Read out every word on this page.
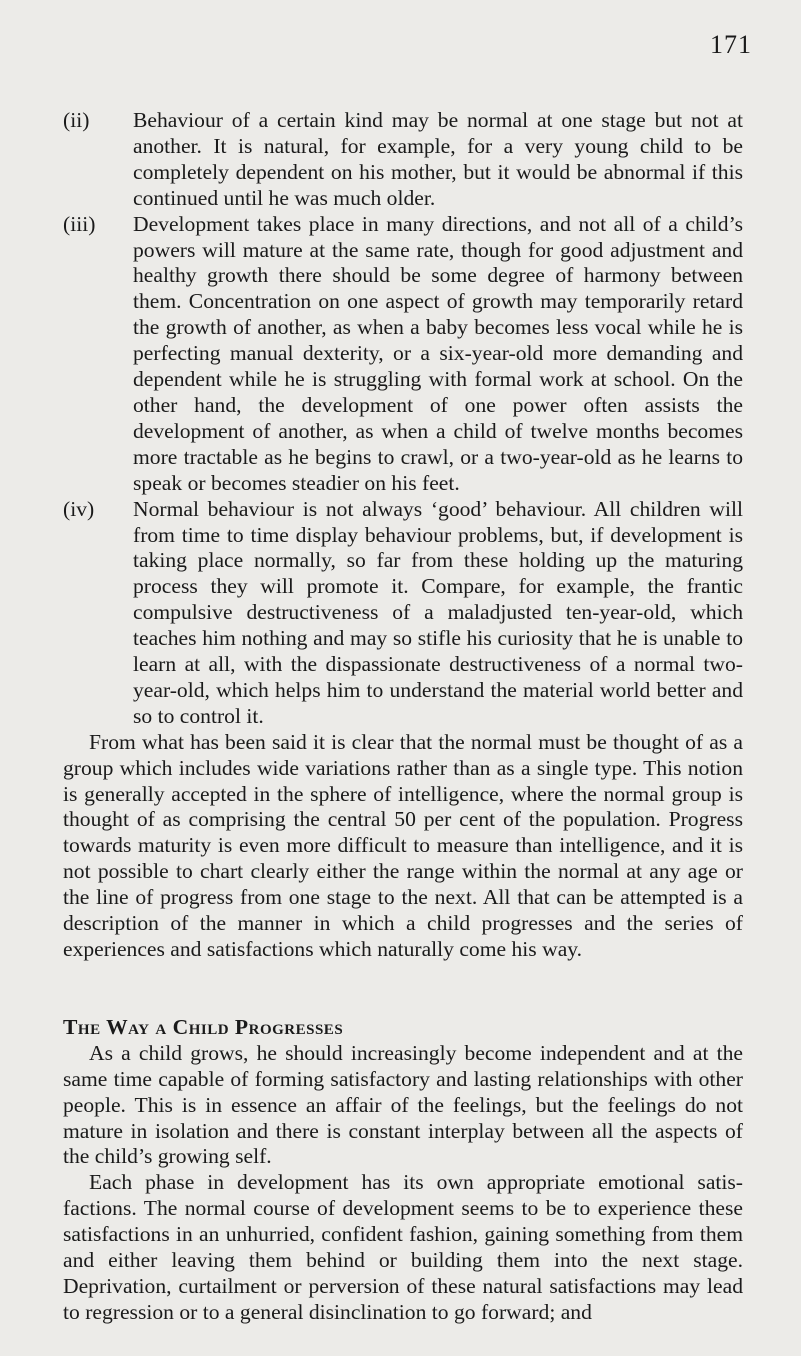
171
(ii)	Behaviour of a certain kind may be normal at one stage but not at another. It is natural, for example, for a very young child to be completely dependent on his mother, but it would be abnormal if this continued until he was much older.

(iii)	Development takes place in many directions, and not all of a child’s powers will mature at the same rate, though for good adjustment and healthy growth there should be some degree of harmony between them. Concentration on one aspect of growth may temporarily retard the growth of another, as when a baby becomes less vocal while he is perfecting manual dexterity, or a six-year-old more demanding and dependent while he is struggling with formal work at school. On the other hand, the development of one power often assists the development of another, as when a child of twelve months becomes more tractable as he begins to crawl, or a two-year-old as he learns to speak or becomes steadier on his feet.

(iv)	Normal behaviour is not always ‘good’ behaviour. All children will from time to time display behaviour problems, but, if development is taking place normally, so far from these holding up the maturing process they will promote it. Compare, for example, the frantic compulsive destructiveness of a maladjusted ten-year-old, which teaches him nothing and may so stifle his curiosity that he is unable to learn at all, with the dispassionate destructiveness of a normal two-year-old, which helps him to understand the material world better and so to control it.

From what has been said it is clear that the normal must be thought of as a group which includes wide variations rather than as a single type. This notion is generally accepted in the sphere of intelligence, where the normal group is thought of as comprising the central 50 per cent of the population. Progress towards maturity is even more difficult to measure than intelligence, and it is not possible to chart clearly either the range within the normal at any age or the line of progress from one stage to the next. All that can be attempted is a description of the manner in which a child progresses and the series of experiences and satisfactions which naturally come his way.

The Way a Child Progresses

As a child grows, he should increasingly become independent and at the same time capable of forming satisfactory and lasting relationships with other people. This is in essence an affair of the feelings, but the feelings do not mature in isolation and there is constant interplay between all the aspects of the child’s growing self.

Each phase in development has its own appropriate emotional satis-factions. The normal course of development seems to be to experience these satisfactions in an unhurried, confident fashion, gaining something from them and either leaving them behind or building them into the next stage. Deprivation, curtailment or perversion of these natural satisfactions may lead to regression or to a general disinclination to go forward; and
